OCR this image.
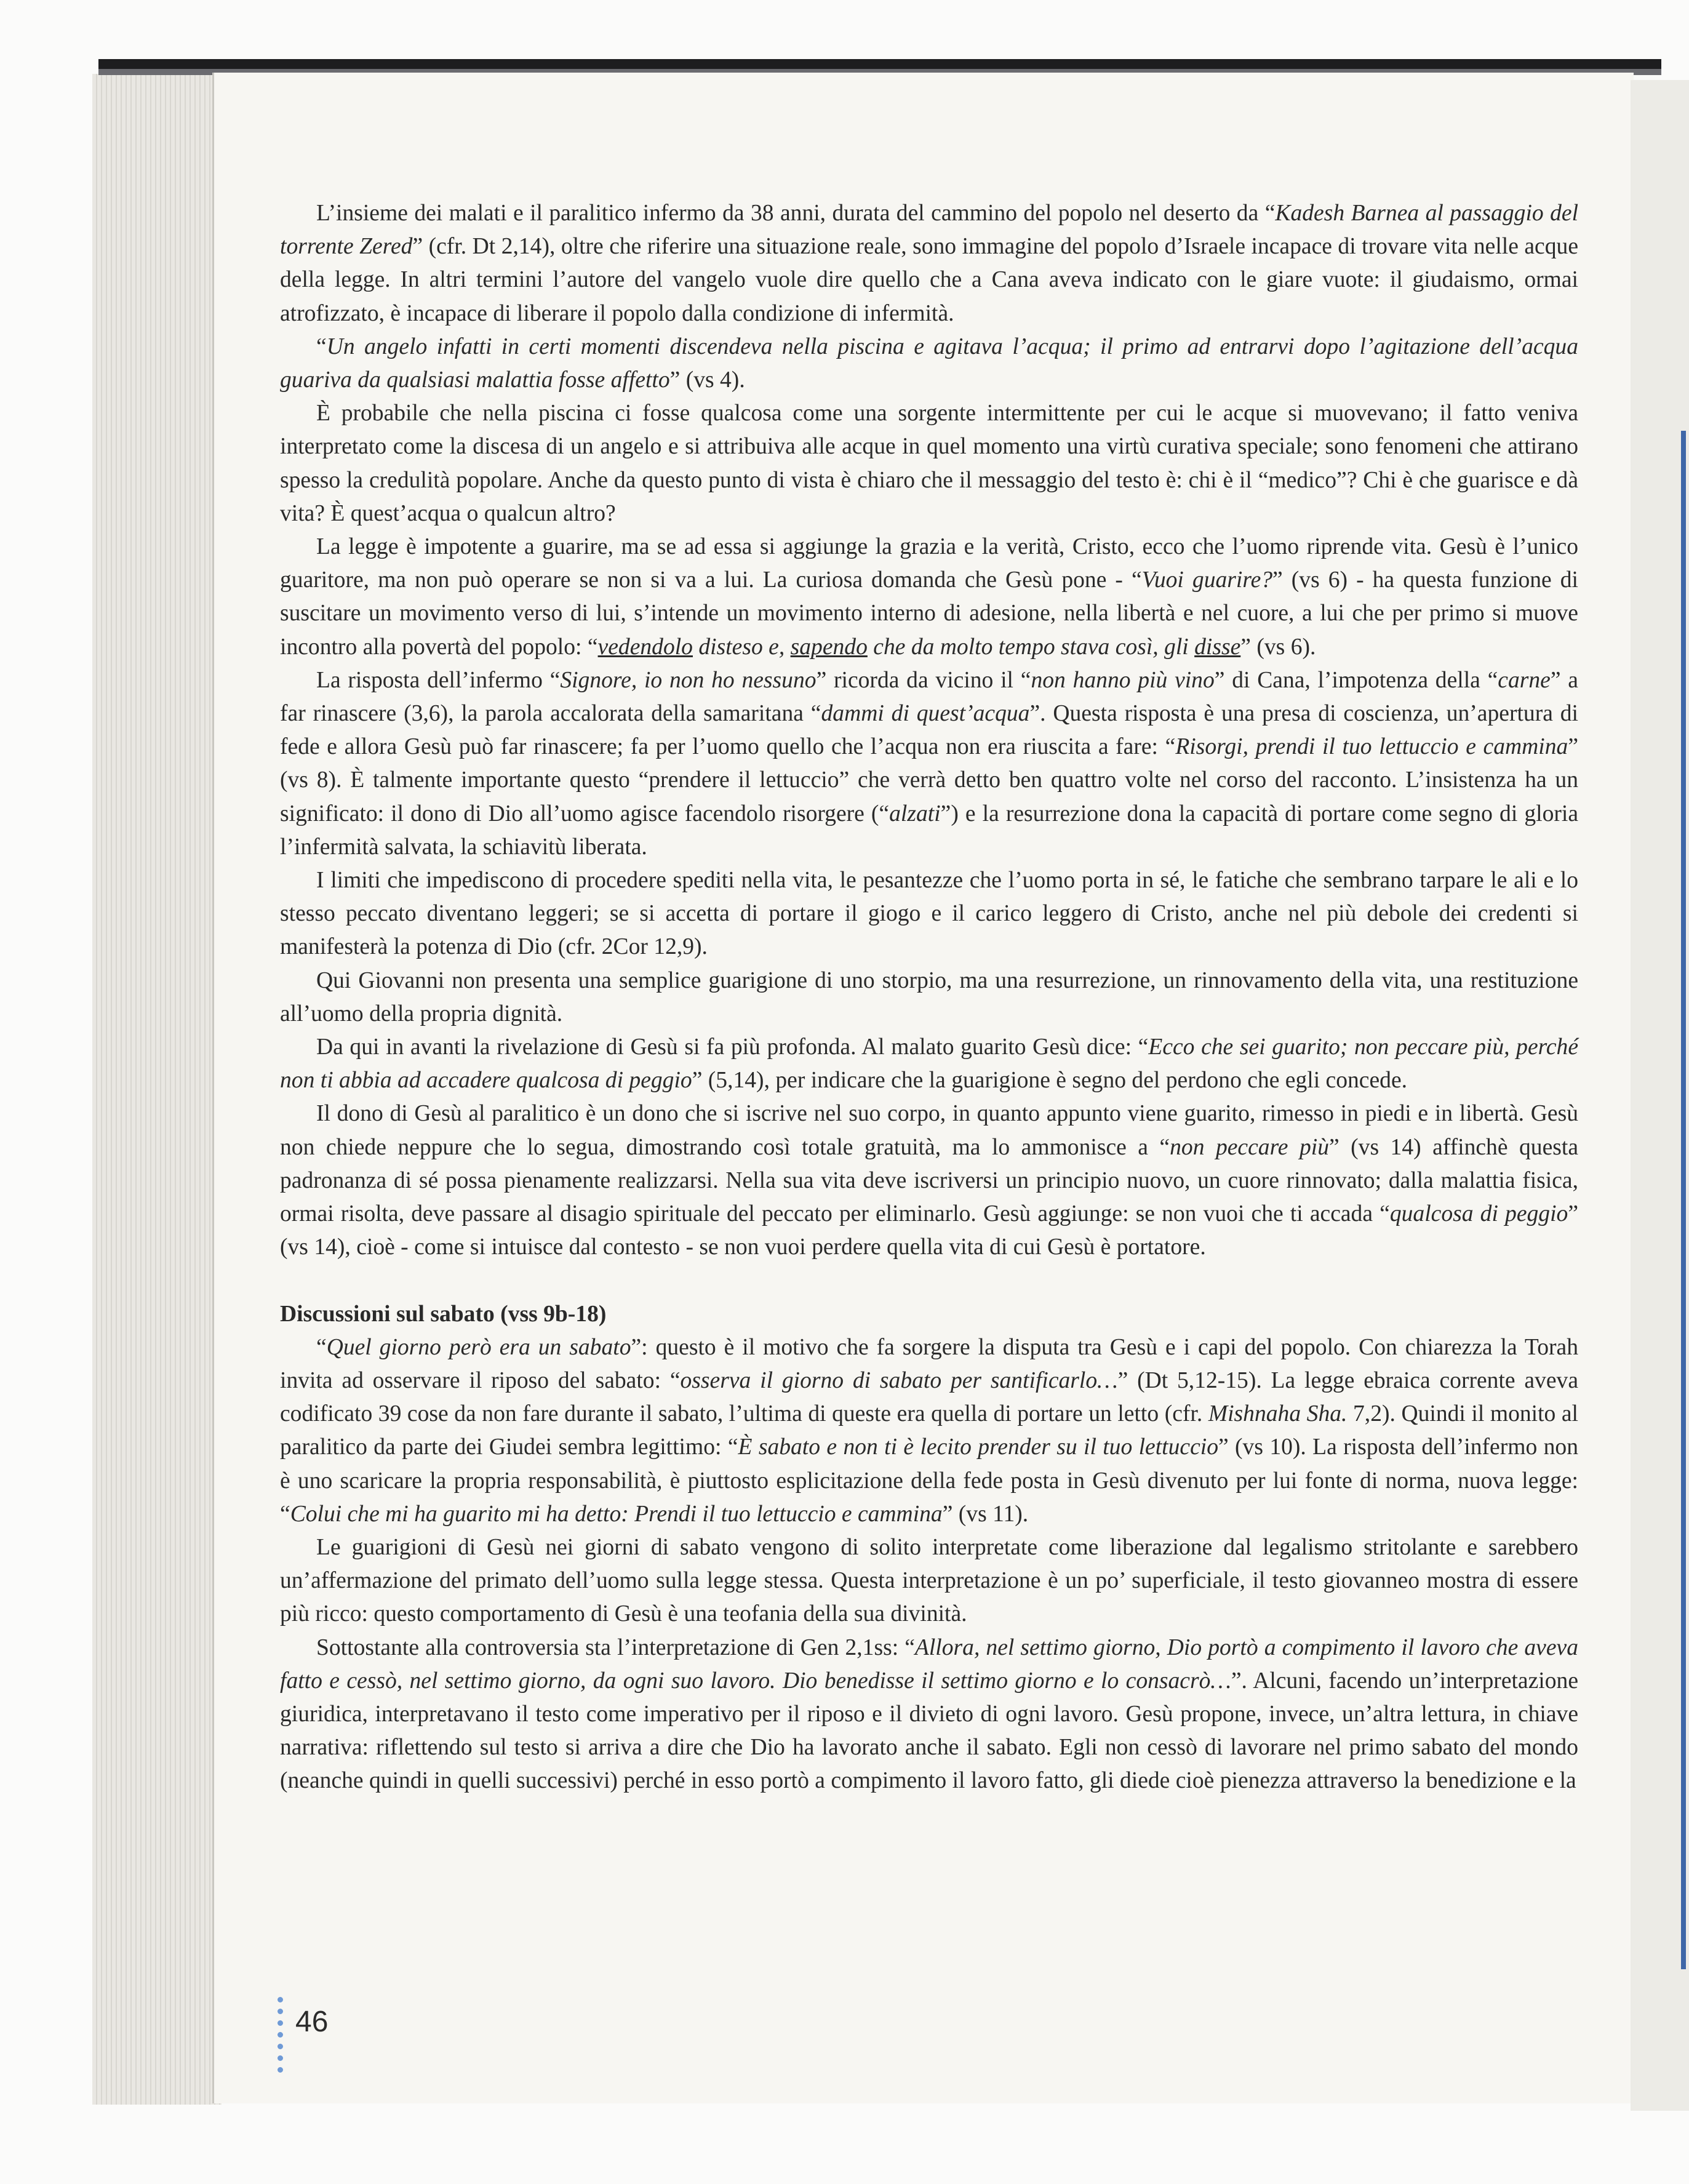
L’insieme dei malati e il paralitico infermo da 38 anni, durata del cammino del popolo nel deserto da “Kadesh Barnea al passaggio del torrente Zered” (cfr. Dt 2,14), oltre che riferire una situazione reale, sono immagine del popolo d’Israele incapace di trovare vita nelle acque della legge. In altri termini l’autore del vangelo vuole dire quello che a Cana aveva indicato con le giare vuote: il giudaismo, ormai atrofizzato, è incapace di liberare il popolo dalla condizione di infermità.

“Un angelo infatti in certi momenti discendeva nella piscina e agitava l’acqua; il primo ad entrarvi dopo l’agitazione dell’acqua guariva da qualsiasi malattia fosse affetto” (vs 4).

È probabile che nella piscina ci fosse qualcosa come una sorgente intermittente per cui le acque si muovevano; il fatto veniva interpretato come la discesa di un angelo e si attribuiva alle acque in quel momento una virtù curativa speciale; sono fenomeni che attirano spesso la credulità popolare. Anche da questo punto di vista è chiaro che il messaggio del testo è: chi è il “medico”? Chi è che guarisce e dà vita? È quest’acqua o qualcun altro?

La legge è impotente a guarire, ma se ad essa si aggiunge la grazia e la verità, Cristo, ecco che l’uomo riprende vita. Gesù è l’unico guaritore, ma non può operare se non si va a lui. La curiosa domanda che Gesù pone - “Vuoi guarire?” (vs 6) - ha questa funzione di suscitare un movimento verso di lui, s’intende un movimento interno di adesione, nella libertà e nel cuore, a lui che per primo si muove incontro alla povertà del popolo: “vedendolo disteso e, sapendo che da molto tempo stava così, gli disse” (vs 6).

La risposta dell’infermo “Signore, io non ho nessuno” ricorda da vicino il “non hanno più vino” di Cana, l’impotenza della “carne” a far rinascere (3,6), la parola accalorata della samaritana “dammi di quest’acqua”. Questa risposta è una presa di coscienza, un’apertura di fede e allora Gesù può far rinascere; fa per l’uomo quello che l’acqua non era riuscita a fare: “Risorgi, prendi il tuo lettuccio e cammina” (vs 8). È talmente importante questo “prendere il lettuccio” che verrà detto ben quattro volte nel corso del racconto. L’insistenza ha un significato: il dono di Dio all’uomo agisce facendolo risorgere (“alzati”) e la resurrezione dona la capacità di portare come segno di gloria l’infermità salvata, la schiavitù liberata.

I limiti che impediscono di procedere spediti nella vita, le pesantezze che l’uomo porta in sé, le fatiche che sembrano tarpare le ali e lo stesso peccato diventano leggeri; se si accetta di portare il giogo e il carico leggero di Cristo, anche nel più debole dei credenti si manifesterà la potenza di Dio (cfr. 2Cor 12,9).

Qui Giovanni non presenta una semplice guarigione di uno storpio, ma una resurrezione, un rinnovamento della vita, una restituzione all’uomo della propria dignità.

Da qui in avanti la rivelazione di Gesù si fa più profonda. Al malato guarito Gesù dice: “Ecco che sei guarito; non peccare più, perché non ti abbia ad accadere qualcosa di peggio” (5,14), per indicare che la guarigione è segno del perdono che egli concede.

Il dono di Gesù al paralitico è un dono che si iscrive nel suo corpo, in quanto appunto viene guarito, rimesso in piedi e in libertà. Gesù non chiede neppure che lo segua, dimostrando così totale gratuità, ma lo ammonisce a “non peccare più” (vs 14) affinchè questa padronanza di sé possa pienamente realizzarsi. Nella sua vita deve iscriversi un principio nuovo, un cuore rinnovato; dalla malattia fisica, ormai risolta, deve passare al disagio spirituale del peccato per eliminarlo. Gesù aggiunge: se non vuoi che ti accada “qualcosa di peggio” (vs 14), cioè - come si intuisce dal contesto - se non vuoi perdere quella vita di cui Gesù è portatore.

Discussioni sul sabato (vss 9b-18)

“Quel giorno però era un sabato”: questo è il motivo che fa sorgere la disputa tra Gesù e i capi del popolo. Con chiarezza la Torah invita ad osservare il riposo del sabato: “osserva il giorno di sabato per santificarlo…” (Dt 5,12-15). La legge ebraica corrente aveva codificato 39 cose da non fare durante il sabato, l’ultima di queste era quella di portare un letto (cfr. Mishnaha Sha. 7,2). Quindi il monito al paralitico da parte dei Giudei sembra legittimo: “È sabato e non ti è lecito prender su il tuo lettuccio” (vs 10). La risposta dell’infermo non è uno scaricare la propria responsabilità, è piuttosto esplicitazione della fede posta in Gesù divenuto per lui fonte di norma, nuova legge: “Colui che mi ha guarito mi ha detto: Prendi il tuo lettuccio e cammina” (vs 11).

Le guarigioni di Gesù nei giorni di sabato vengono di solito interpretate come liberazione dal legalismo stritolante e sarebbero un’affermazione del primato dell’uomo sulla legge stessa. Questa interpretazione è un po’ superficiale, il testo giovanneo mostra di essere più ricco: questo comportamento di Gesù è una teofania della sua divinità.

Sottostante alla controversia sta l’interpretazione di Gen 2,1ss: “Allora, nel settimo giorno, Dio portò a compimento il lavoro che aveva fatto e cessò, nel settimo giorno, da ogni suo lavoro. Dio benedisse il settimo giorno e lo consacrò…”. Alcuni, facendo un’interpretazione giuridica, interpretavano il testo come imperativo per il riposo e il divieto di ogni lavoro. Gesù propone, invece, un’altra lettura, in chiave narrativa: riflettendo sul testo si arriva a dire che Dio ha lavorato anche il sabato. Egli non cessò di lavorare nel primo sabato del mondo (neanche quindi in quelli successivi) perché in esso portò a compimento il lavoro fatto, gli diede cioè pienezza attraverso la benedizione e la

46
